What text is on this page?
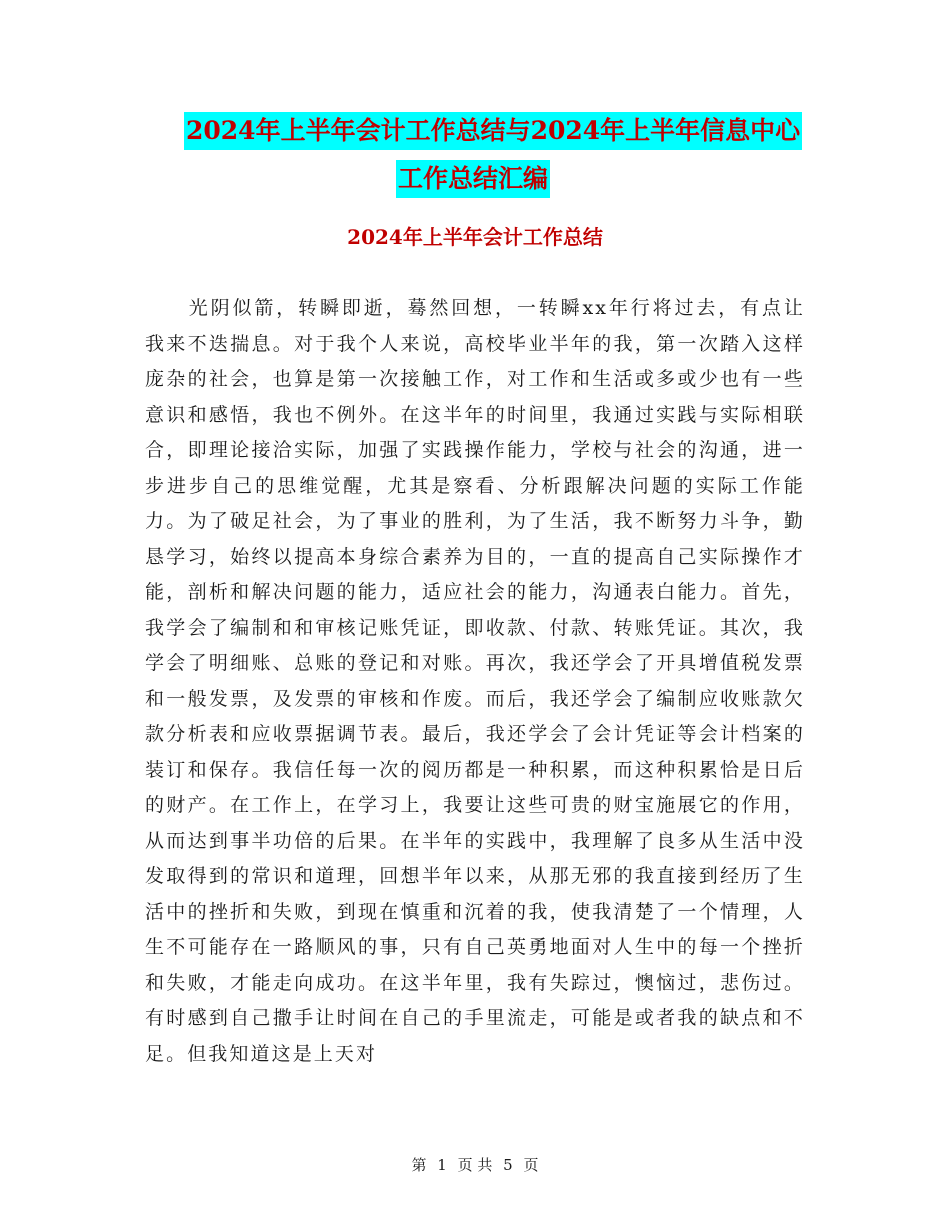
2024年上半年会计工作总结与2024年上半年信息中心
工作总结汇编
2024年上半年会计工作总结

光阴似箭，转瞬即逝，蓦然回想，一转瞬xx年行将过去，有点让我来不迭揣息。对于我个人来说，高校毕业半年的我，第一次踏入这样庞杂的社会，也算是第一次接触工作，对工作和生活或多或少也有一些意识和感悟，我也不例外。在这半年的时间里，我通过实践与实际相联合，即理论接洽实际，加强了实践操作能力，学校与社会的沟通，进一步进步自己的思维觉醒，尤其是察看、分析跟解决问题的实际工作能力。为了破足社会，为了事业的胜利，为了生活，我不断努力斗争，勤恳学习，始终以提高本身综合素养为目的，一直的提高自己实际操作才能，剖析和解决问题的能力，适应社会的能力，沟通表白能力。首先，我学会了编制和和审核记账凭证，即收款、付款、转账凭证。其次，我学会了明细账、总账的登记和对账。再次，我还学会了开具增值税发票和一般发票，及发票的审核和作废。而后，我还学会了编制应收账款欠款分析表和应收票据调节表。最后，我还学会了会计凭证等会计档案的装订和保存。我信任每一次的阅历都是一种积累，而这种积累恰是日后的财产。在工作上，在学习上，我要让这些可贵的财宝施展它的作用，从而达到事半功倍的后果。在半年的实践中，我理解了良多从生活中没发取得到的常识和道理，回想半年以来，从那无邪的我直接到经历了生活中的挫折和失败，到现在慎重和沉着的我，使我清楚了一个情理，人生不可能存在一路顺风的事，只有自己英勇地面对人生中的每一个挫折和失败，才能走向成功。在这半年里，我有失踪过，懊恼过，悲伤过。有时感到自己撒手让时间在自己的手里流走，可能是或者我的缺点和不足。但我知道这是上天对

第 1 页 共 5 页
